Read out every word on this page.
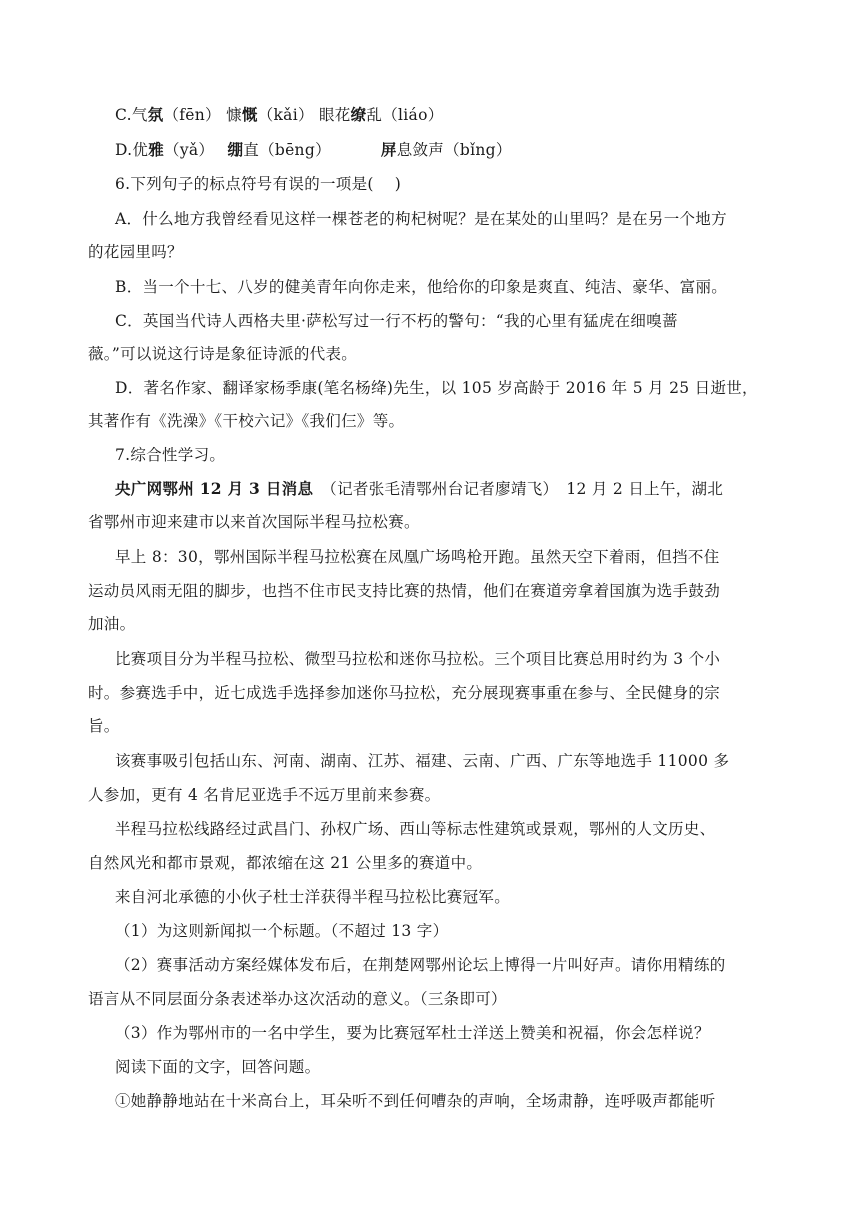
C.气氛（fēn） 慷慨（kǎi） 眼花缭乱（liáo）
D.优雅（yǎ） 绷直（bēng）	屏息敛声（bǐng）
6.下列句子的标点符号有误的一项是(　 )
A．什么地方我曾经看见这样一棵苍老的枸杞树呢？是在某处的山里吗？是在另一个地方
的花园里吗？
B．当一个十七、八岁的健美青年向你走来，他给你的印象是爽直、纯洁、豪华、富丽。
C．英国当代诗人西格夫里·萨松写过一行不朽的警句：“我的心里有猛虎在细嗅蔷
薇。”可以说这行诗是象征诗派的代表。
D．著名作家、翻译家杨季康(笔名杨绛)先生，以 105 岁高龄于 2016 年 5 月 25 日逝世，
其著作有《洗澡》《干校六记》《我们仨》等。
7.综合性学习。
央广网鄂州 12 月 3 日消息　（记者张毛清鄂州台记者廖靖飞）　12 月 2 日上午，湖北
省鄂州市迎来建市以来首次国际半程马拉松赛。
早上 8：30，鄂州国际半程马拉松赛在凤凰广场鸣枪开跑。虽然天空下着雨，但挡不住
运动员风雨无阻的脚步，也挡不住市民支持比赛的热情，他们在赛道旁拿着国旗为选手鼓劲
加油。
比赛项目分为半程马拉松、微型马拉松和迷你马拉松。三个项目比赛总用时约为 3 个小
时。参赛选手中，近七成选手选择参加迷你马拉松，充分展现赛事重在参与、全民健身的宗
旨。
该赛事吸引包括山东、河南、湖南、江苏、福建、云南、广西、广东等地选手 11000 多
人参加，更有 4 名肯尼亚选手不远万里前来参赛。
半程马拉松线路经过武昌门、孙权广场、西山等标志性建筑或景观，鄂州的人文历史、
自然风光和都市景观，都浓缩在这 21 公里多的赛道中。
来自河北承德的小伙子杜士洋获得半程马拉松比赛冠军。
（1）为这则新闻拟一个标题。（不超过 13 字）
（2）赛事活动方案经媒体发布后，在荆楚网鄂州论坛上博得一片叫好声。请你用精练的
语言从不同层面分条表述举办这次活动的意义。（三条即可）
（3）作为鄂州市的一名中学生，要为比赛冠军杜士洋送上赞美和祝福，你会怎样说？
阅读下面的文字，回答问题。
①她静静地站在十米高台上，耳朵听不到任何嘈杂的声响，全场肃静，连呼吸声都能听
